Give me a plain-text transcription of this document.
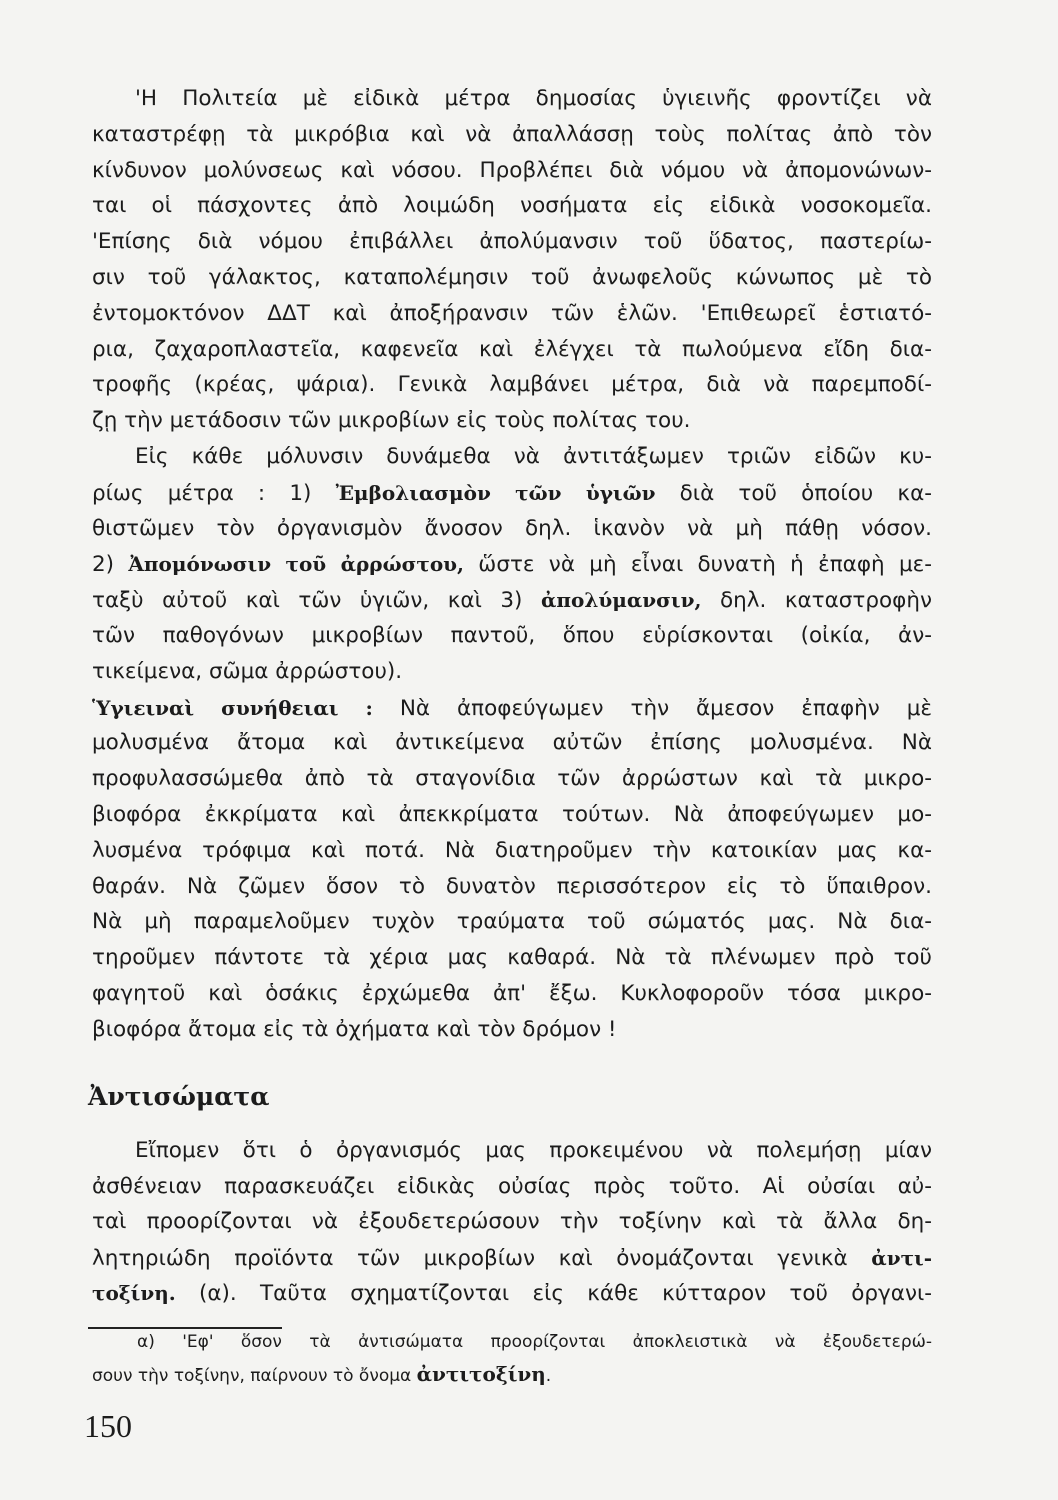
'Η Πολιτεία μὲ εἰδικὰ μέτρα δημοσίας ὑγιεινῆς φροντίζει νὰ
καταστρέφῃ τὰ μικρόβια καὶ νὰ ἀπαλλάσσῃ τοὺς πολίτας ἀπὸ τὸν
κίνδυνον μολύνσεως καὶ νόσου. Προβλέπει διὰ νόμου νὰ ἀπομονώνων-
ται οἱ πάσχοντες ἀπὸ λοιμώδη νοσήματα εἰς εἰδικὰ νοσοκομεῖα.
'Επίσης διὰ νόμου ἐπιβάλλει ἀπολύμανσιν τοῦ ὕδατος, παστερίω-
σιν τοῦ γάλακτος, καταπολέμησιν τοῦ ἀνωφελοῦς κώνωπος μὲ τὸ
ἐντομοκτόνον ΔΔΤ καὶ ἀποξήρανσιν τῶν ἑλῶν. 'Επιθεωρεῖ ἑστιατό-
ρια, ζαχαροπλαστεῖα, καφενεῖα καὶ ἐλέγχει τὰ πωλούμενα εἴδη δια-
τροφῆς (κρέας, ψάρια). Γενικὰ λαμβάνει μέτρα, διὰ νὰ παρεμποδί-
ζῃ τὴν μετάδοσιν τῶν μικροβίων εἰς τοὺς πολίτας του.
Εἰς κάθε μόλυνσιν δυνάμεθα νὰ ἀντιτάξωμεν τριῶν εἰδῶν κυ-
ρίως μέτρα : 1) Ἐμβολιασμὸν τῶν ὑγιῶν διὰ τοῦ ὁποίου κα-
θιστῶμεν τὸν ὀργανισμὸν ἄνοσον δηλ. ἱκανὸν νὰ μὴ πάθῃ νόσον.
2) Ἀπομόνωσιν τοῦ ἀρρώστου, ὥστε νὰ μὴ εἶναι δυνατὴ ἡ ἐπαφὴ με-
ταξὺ αὐτοῦ καὶ τῶν ὑγιῶν, καὶ 3) ἀπολύμανσιν, δηλ. καταστροφὴν
τῶν παθογόνων μικροβίων παντοῦ, ὅπου εὑρίσκονται (οἰκία, ἀν-
τικείμενα, σῶμα ἀρρώστου).
Ὑγιειναὶ συνήθειαι : Νὰ ἀποφεύγωμεν τὴν ἄμεσον ἐπαφὴν μὲ
μολυσμένα ἄτομα καὶ ἀντικείμενα αὐτῶν ἐπίσης μολυσμένα. Νὰ
προφυλασσώμεθα ἀπὸ τὰ σταγονίδια τῶν ἀρρώστων καὶ τὰ μικρο-
βιοφόρα ἐκκρίματα καὶ ἀπεκκρίματα τούτων. Νὰ ἀποφεύγωμεν μο-
λυσμένα τρόφιμα καὶ ποτά. Νὰ διατηροῦμεν τὴν κατοικίαν μας κα-
θαράν. Νὰ ζῶμεν ὅσον τὸ δυνατὸν περισσότερον εἰς τὸ ὕπαιθρον.
Νὰ μὴ παραμελοῦμεν τυχὸν τραύματα τοῦ σώματός μας. Νὰ δια-
τηροῦμεν πάντοτε τὰ χέρια μας καθαρά. Νὰ τὰ πλένωμεν πρὸ τοῦ
φαγητοῦ καὶ ὁσάκις ἐρχώμεθα ἀπ' ἔξω. Κυκλοφοροῦν τόσα μικρο-
βιοφόρα ἄτομα εἰς τὰ ὀχήματα καὶ τὸν δρόμον !
Ἀντισώματα
Εἴπομεν ὅτι ὁ ὀργανισμός μας προκειμένου νὰ πολεμήσῃ μίαν
ἀσθένειαν παρασκευάζει εἰδικὰς οὐσίας πρὸς τοῦτο. Αἱ οὐσίαι αὐ-
ταὶ προορίζονται νὰ ἐξουδετερώσουν τὴν τοξίνην καὶ τὰ ἄλλα δη-
λητηριώδη προϊόντα τῶν μικροβίων καὶ ὀνομάζονται γενικὰ ἀντι-
τοξίνη. (α). Ταῦτα σχηματίζονται εἰς κάθε κύτταρον τοῦ ὀργανι-
α) 'Εφ' ὅσον τὰ ἀντισώματα προορίζονται ἀποκλειστικὰ νὰ ἐξουδετερώ-
σουν τὴν τοξίνην, παίρνουν τὸ ὄνομα ἀντιτοξίνη.
150
